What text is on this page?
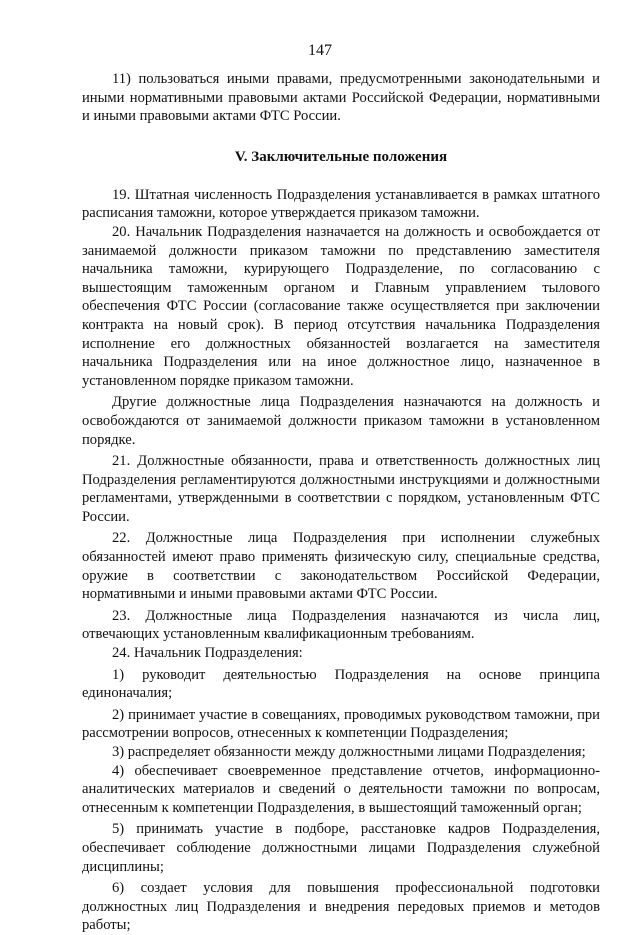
147

11) пользоваться иными правами, предусмотренными законодательными и иными нормативными правовыми актами Российской Федерации, нормативными и иными правовыми актами ФТС России.

V. Заключительные положения

19. Штатная численность Подразделения устанавливается в рамках штатного расписания таможни, которое утверждается приказом таможни.

20. Начальник Подразделения назначается на должность и освобождается от занимаемой должности приказом таможни по представлению заместителя начальника таможни, курирующего Подразделение, по согласованию с вышестоящим таможенным органом и Главным управлением тылового обеспечения ФТС России (согласование также осуществляется при заключении контракта на новый срок). В период отсутствия начальника Подразделения исполнение его должностных обязанностей возлагается на заместителя начальника Подразделения или на иное должностное лицо, назначенное в установленном порядке приказом таможни.

Другие должностные лица Подразделения назначаются на должность и освобождаются от занимаемой должности приказом таможни в установленном порядке.

21. Должностные обязанности, права и ответственность должностных лиц Подразделения регламентируются должностными инструкциями и должностными регламентами, утвержденными в соответствии с порядком, установленным ФТС России.

22. Должностные лица Подразделения при исполнении служебных обязанностей имеют право применять физическую силу, специальные средства, оружие в соответствии с законодательством Российской Федерации, нормативными и иными правовыми актами ФТС России.

23. Должностные лица Подразделения назначаются из числа лиц, отвечающих установленным квалификационным требованиям.

24. Начальник Подразделения:

1) руководит деятельностью Подразделения на основе принципа единоначалия;

2) принимает участие в совещаниях, проводимых руководством таможни, при рассмотрении вопросов, отнесенных к компетенции Подразделения;

3) распределяет обязанности между должностными лицами Подразделения;

4) обеспечивает своевременное представление отчетов, информационно-аналитических материалов и сведений о деятельности таможни по вопросам, отнесенным к компетенции Подразделения, в вышестоящий таможенный орган;

5) принимать участие в подборе, расстановке кадров Подразделения, обеспечивает соблюдение должностными лицами Подразделения служебной дисциплины;

6) создает условия для повышения профессиональной подготовки должностных лиц Подразделения и внедрения передовых приемов и методов работы;
